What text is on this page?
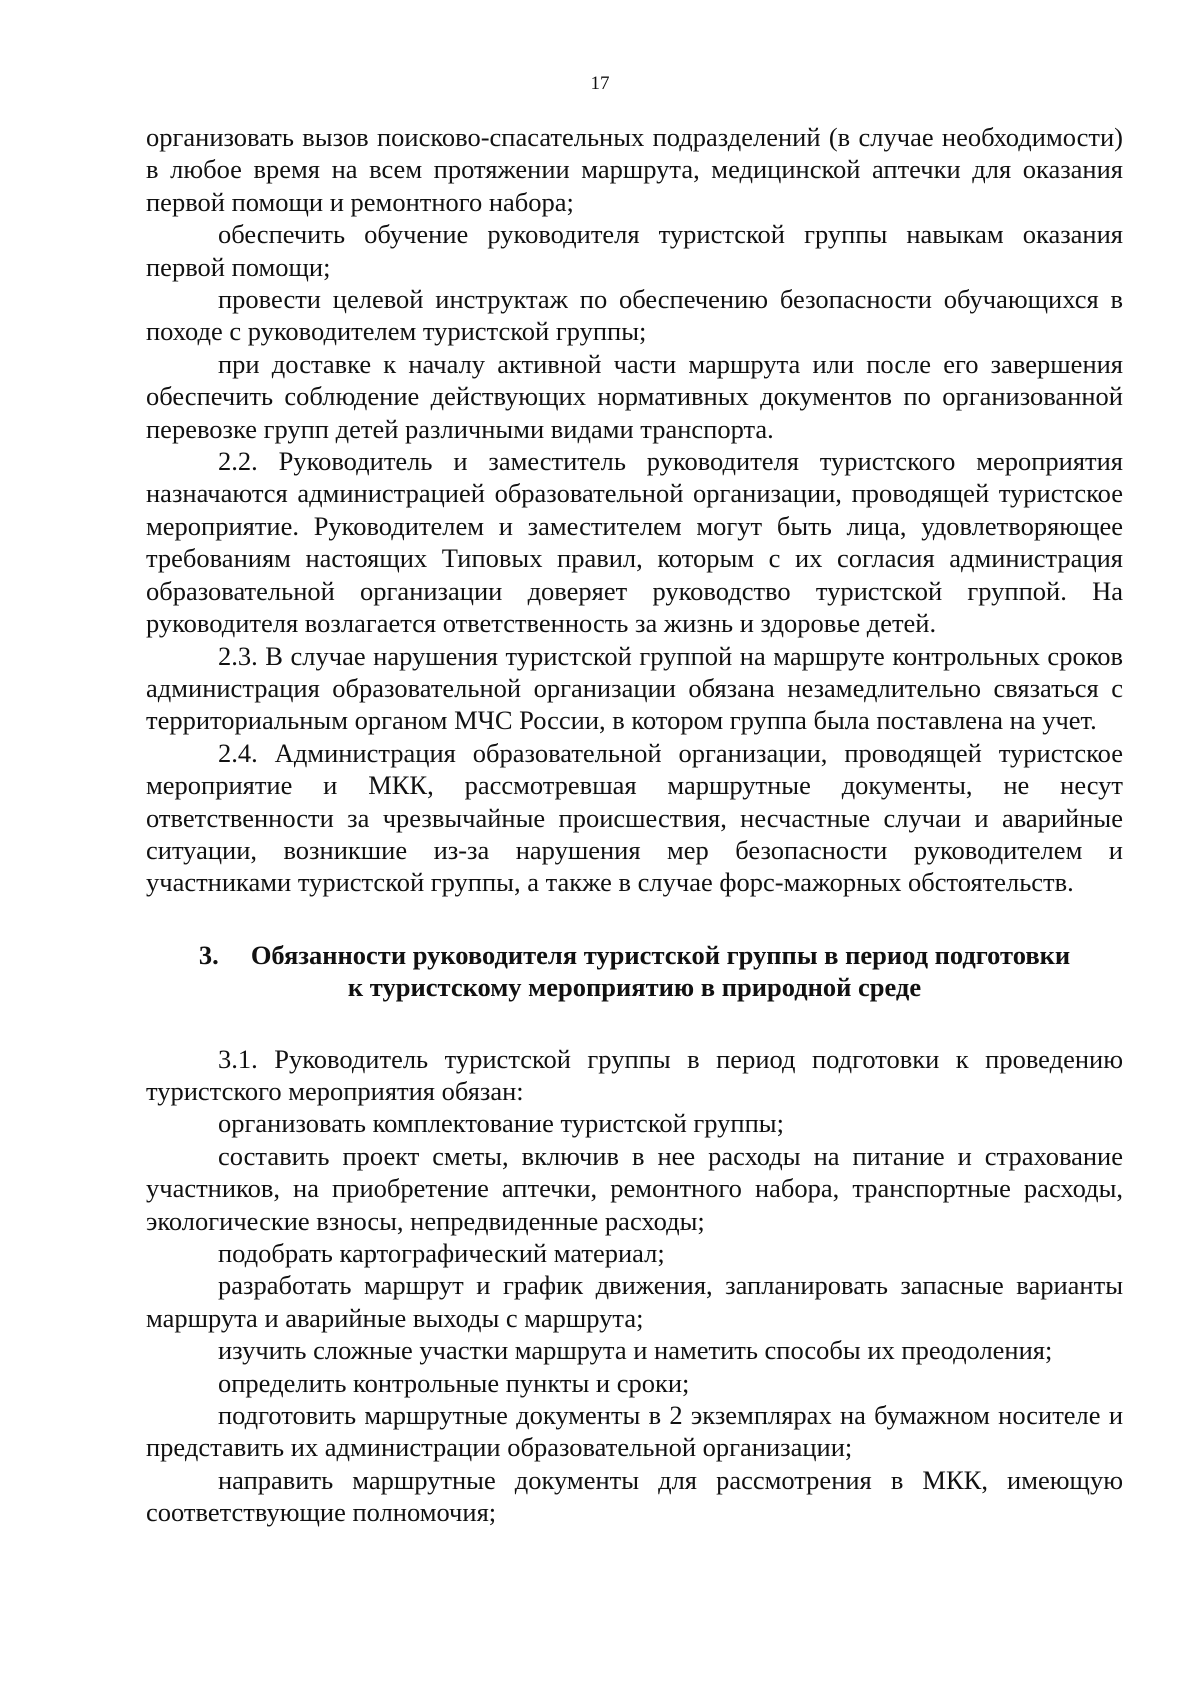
17

организовать вызов поисково-спасательных подразделений (в случае необходимости) в любое время на всем протяжении маршрута, медицинской аптечки для оказания первой помощи и ремонтного набора;

обеспечить обучение руководителя туристской группы навыкам оказания первой помощи;

провести целевой инструктаж по обеспечению безопасности обучающихся в походе с руководителем туристской группы;

при доставке к началу активной части маршрута или после его завершения обеспечить соблюдение действующих нормативных документов по организованной перевозке групп детей различными видами транспорта.

2.2. Руководитель и заместитель руководителя туристского мероприятия назначаются администрацией образовательной организации, проводящей туристское мероприятие. Руководителем и заместителем могут быть лица, удовлетворяющее требованиям настоящих Типовых правил, которым с их согласия администрация образовательной организации доверяет руководство туристской группой. На руководителя возлагается ответственность за жизнь и здоровье детей.

2.3. В случае нарушения туристской группой на маршруте контрольных сроков администрация образовательной организации обязана незамедлительно связаться с территориальным органом МЧС России, в котором группа была поставлена на учет.

2.4. Администрация образовательной организации, проводящей туристское мероприятие и МКК, рассмотревшая маршрутные документы, не несут ответственности за чрезвычайные происшествия, несчастные случаи и аварийные ситуации, возникшие из-за нарушения мер безопасности руководителем и участниками туристской группы, а также в случае форс-мажорных обстоятельств.

3. Обязанности руководителя туристской группы в период подготовки
к туристскому мероприятию в природной среде

3.1. Руководитель туристской группы в период подготовки к проведению туристского мероприятия обязан:

организовать комплектование туристской группы;

составить проект сметы, включив в нее расходы на питание и страхование участников, на приобретение аптечки, ремонтного набора, транспортные расходы, экологические взносы, непредвиденные расходы;

подобрать картографический материал;

разработать маршрут и график движения, запланировать запасные варианты маршрута и аварийные выходы с маршрута;

изучить сложные участки маршрута и наметить способы их преодоления;

определить контрольные пункты и сроки;

подготовить маршрутные документы в 2 экземплярах на бумажном носителе и представить их администрации образовательной организации;

направить маршрутные документы для рассмотрения в МКК, имеющую соответствующие полномочия;
